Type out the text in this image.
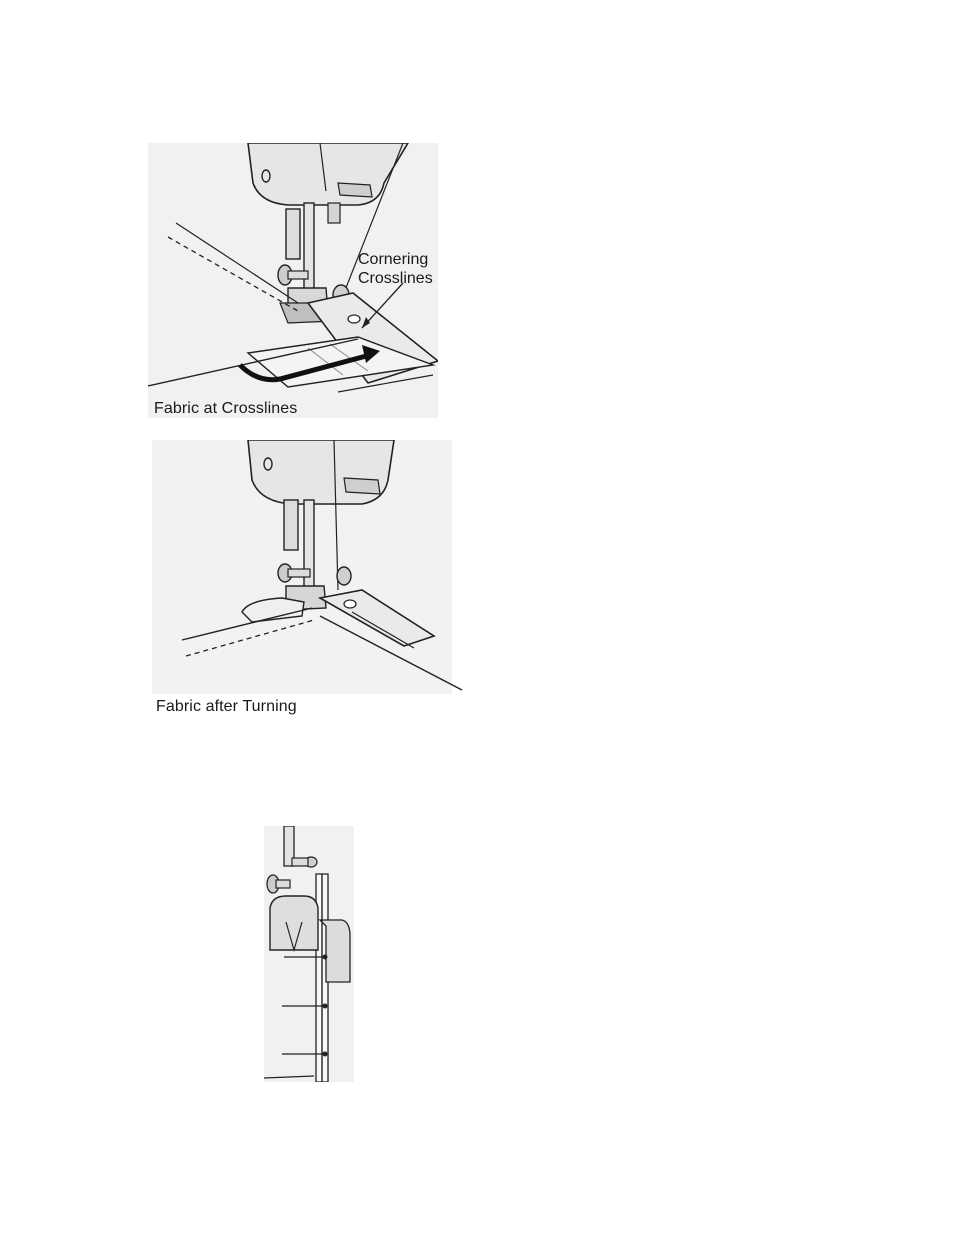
Cornering
Crosslines
Fabric at Crosslines
Fabric after Turning
